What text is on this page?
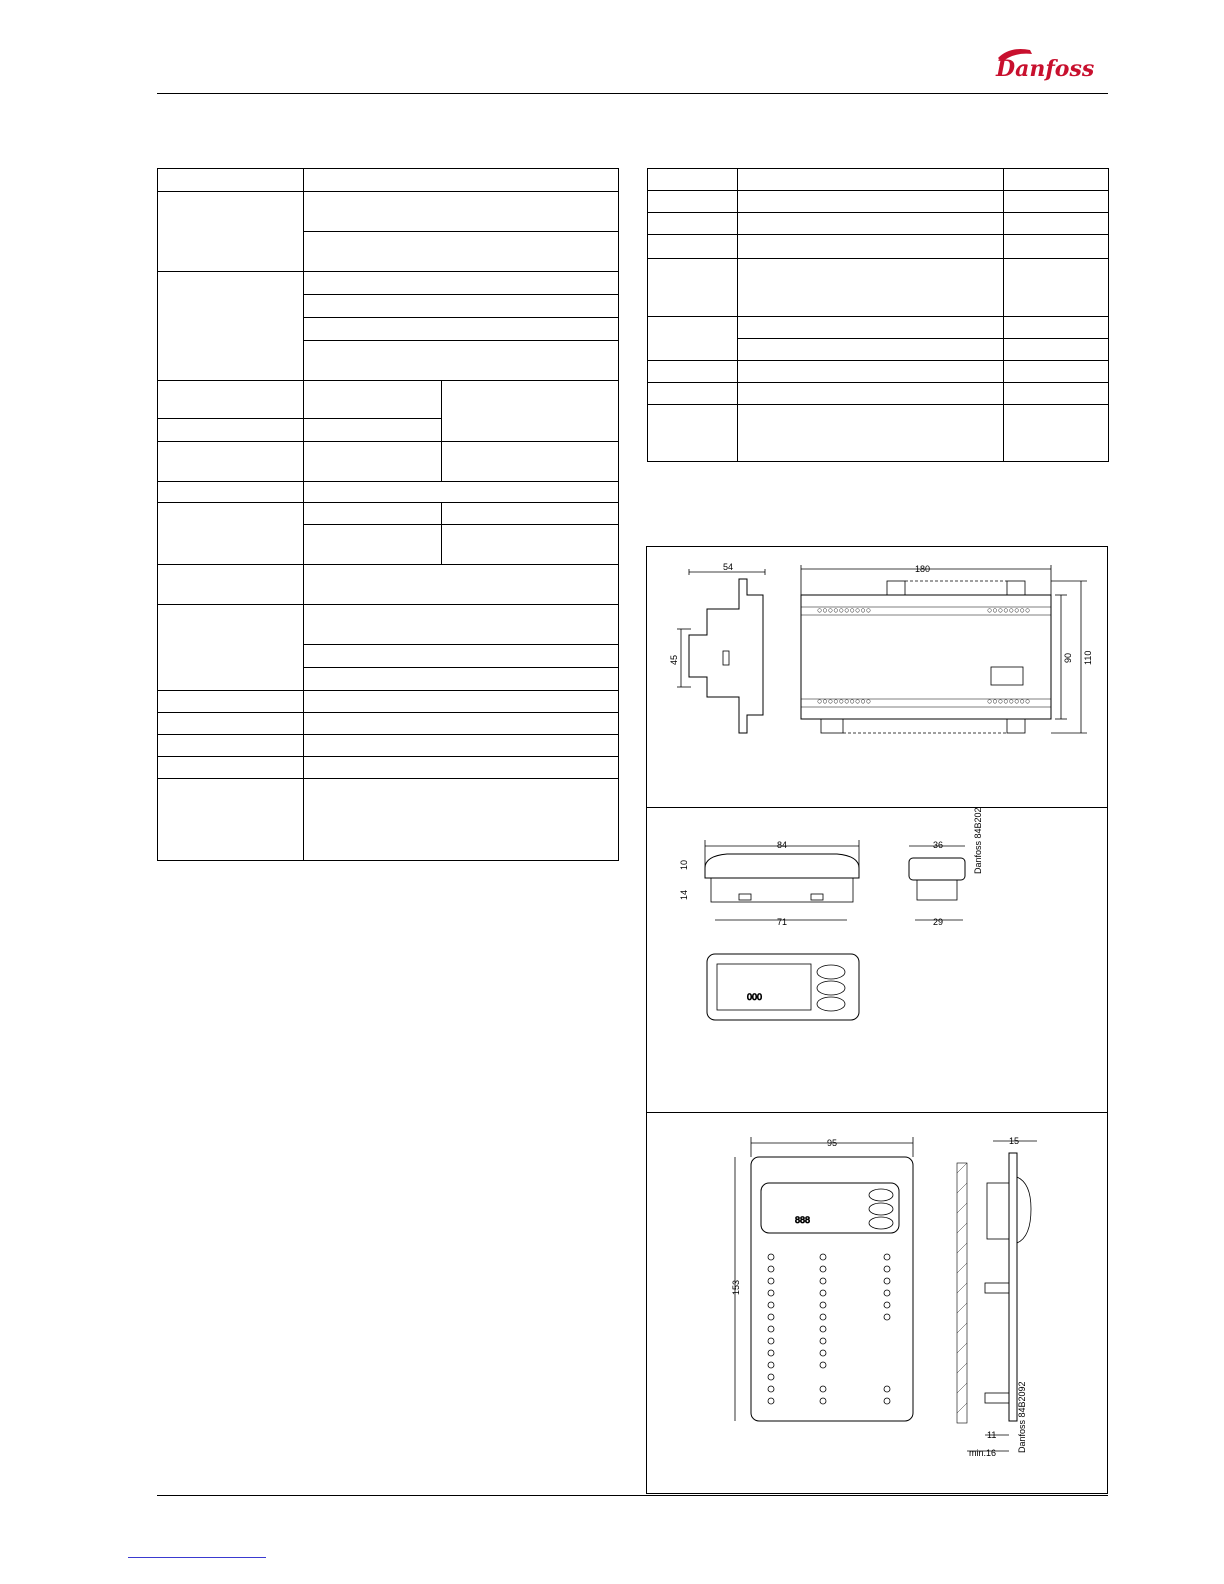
Danfoss

54
45
180
○○○○○○○○○○	○○○○○○○○
○○○○○○○○○○	○○○○○○○○
90 110
84
71
10
14
36
29
Danfoss 84B2022.11
000
95
153
888
15
11
min.16 Danfoss 84B2092
